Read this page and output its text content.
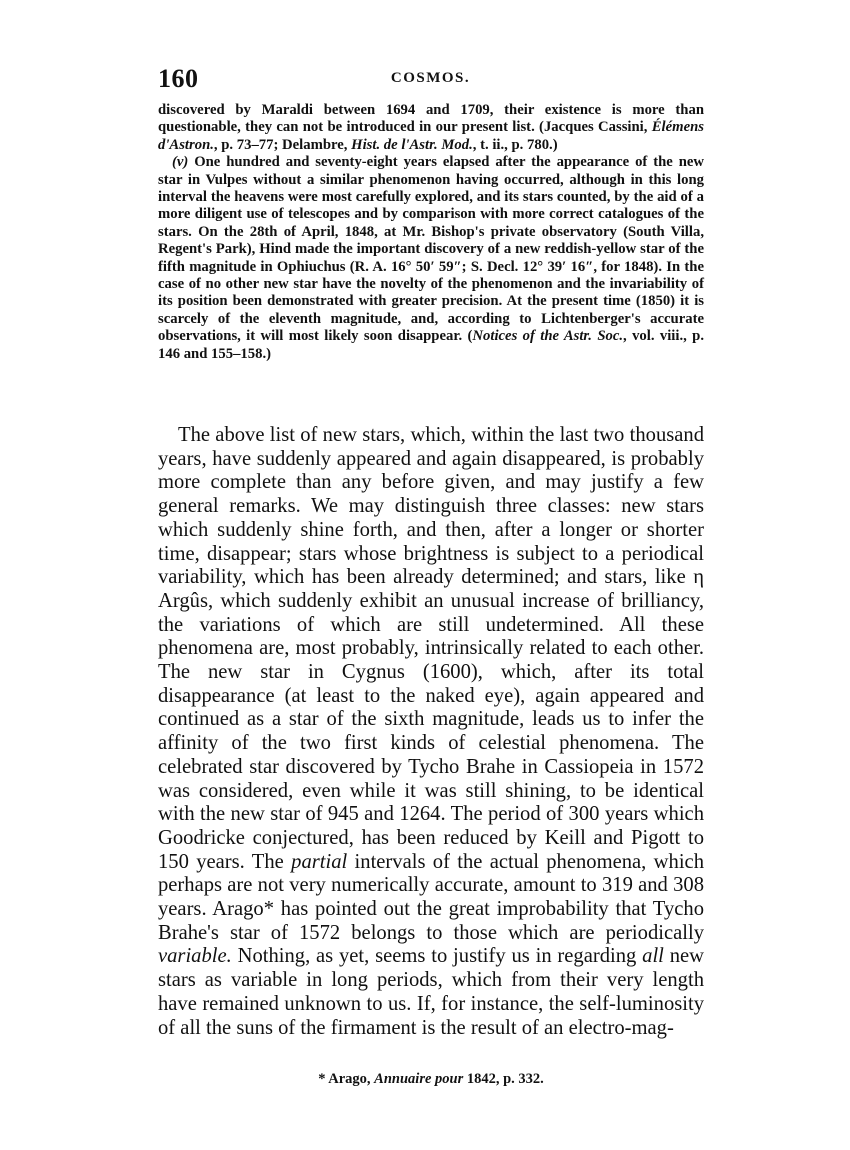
160	COSMOS.

discovered by Maraldi between 1694 and 1709, their existence is more than questionable, they can not be introduced in our present list. (Jacques Cassini, Élémens d'Astron., p. 73–77; Delambre, Hist. de l'Astr. Mod., t. ii., p. 780.)

(v) One hundred and seventy-eight years elapsed after the appearance of the new star in Vulpes without a similar phenomenon having occurred, although in this long interval the heavens were most carefully explored, and its stars counted, by the aid of a more diligent use of telescopes and by comparison with more correct catalogues of the stars. On the 28th of April, 1848, at Mr. Bishop's private observatory (South Villa, Regent's Park), Hind made the important discovery of a new reddish-yellow star of the fifth magnitude in Ophiuchus (R. A. 16° 50′ 59″; S. Decl. 12° 39′ 16″, for 1848). In the case of no other new star have the novelty of the phenomenon and the invariability of its position been demonstrated with greater precision. At the present time (1850) it is scarcely of the eleventh magnitude, and, according to Lichtenberger's accurate observations, it will most likely soon disappear. (Notices of the Astr. Soc., vol. viii., p. 146 and 155–158.)

The above list of new stars, which, within the last two thousand years, have suddenly appeared and again disappeared, is probably more complete than any before given, and may justify a few general remarks. We may distinguish three classes: new stars which suddenly shine forth, and then, after a longer or shorter time, disappear; stars whose brightness is subject to a periodical variability, which has been already determined; and stars, like η Argûs, which suddenly exhibit an unusual increase of brilliancy, the variations of which are still undetermined. All these phenomena are, most probably, intrinsically related to each other. The new star in Cygnus (1600), which, after its total disappearance (at least to the naked eye), again appeared and continued as a star of the sixth magnitude, leads us to infer the affinity of the two first kinds of celestial phenomena. The celebrated star discovered by Tycho Brahe in Cassiopeia in 1572 was considered, even while it was still shining, to be identical with the new star of 945 and 1264. The period of 300 years which Goodricke conjectured, has been reduced by Keill and Pigott to 150 years. The partial intervals of the actual phenomena, which perhaps are not very numerically accurate, amount to 319 and 308 years. Arago* has pointed out the great improbability that Tycho Brahe's star of 1572 belongs to those which are periodically variable. Nothing, as yet, seems to justify us in regarding all new stars as variable in long periods, which from their very length have remained unknown to us. If, for instance, the self-luminosity of all the suns of the firmament is the result of an electro-mag-

* Arago, Annuaire pour 1842, p. 332.
